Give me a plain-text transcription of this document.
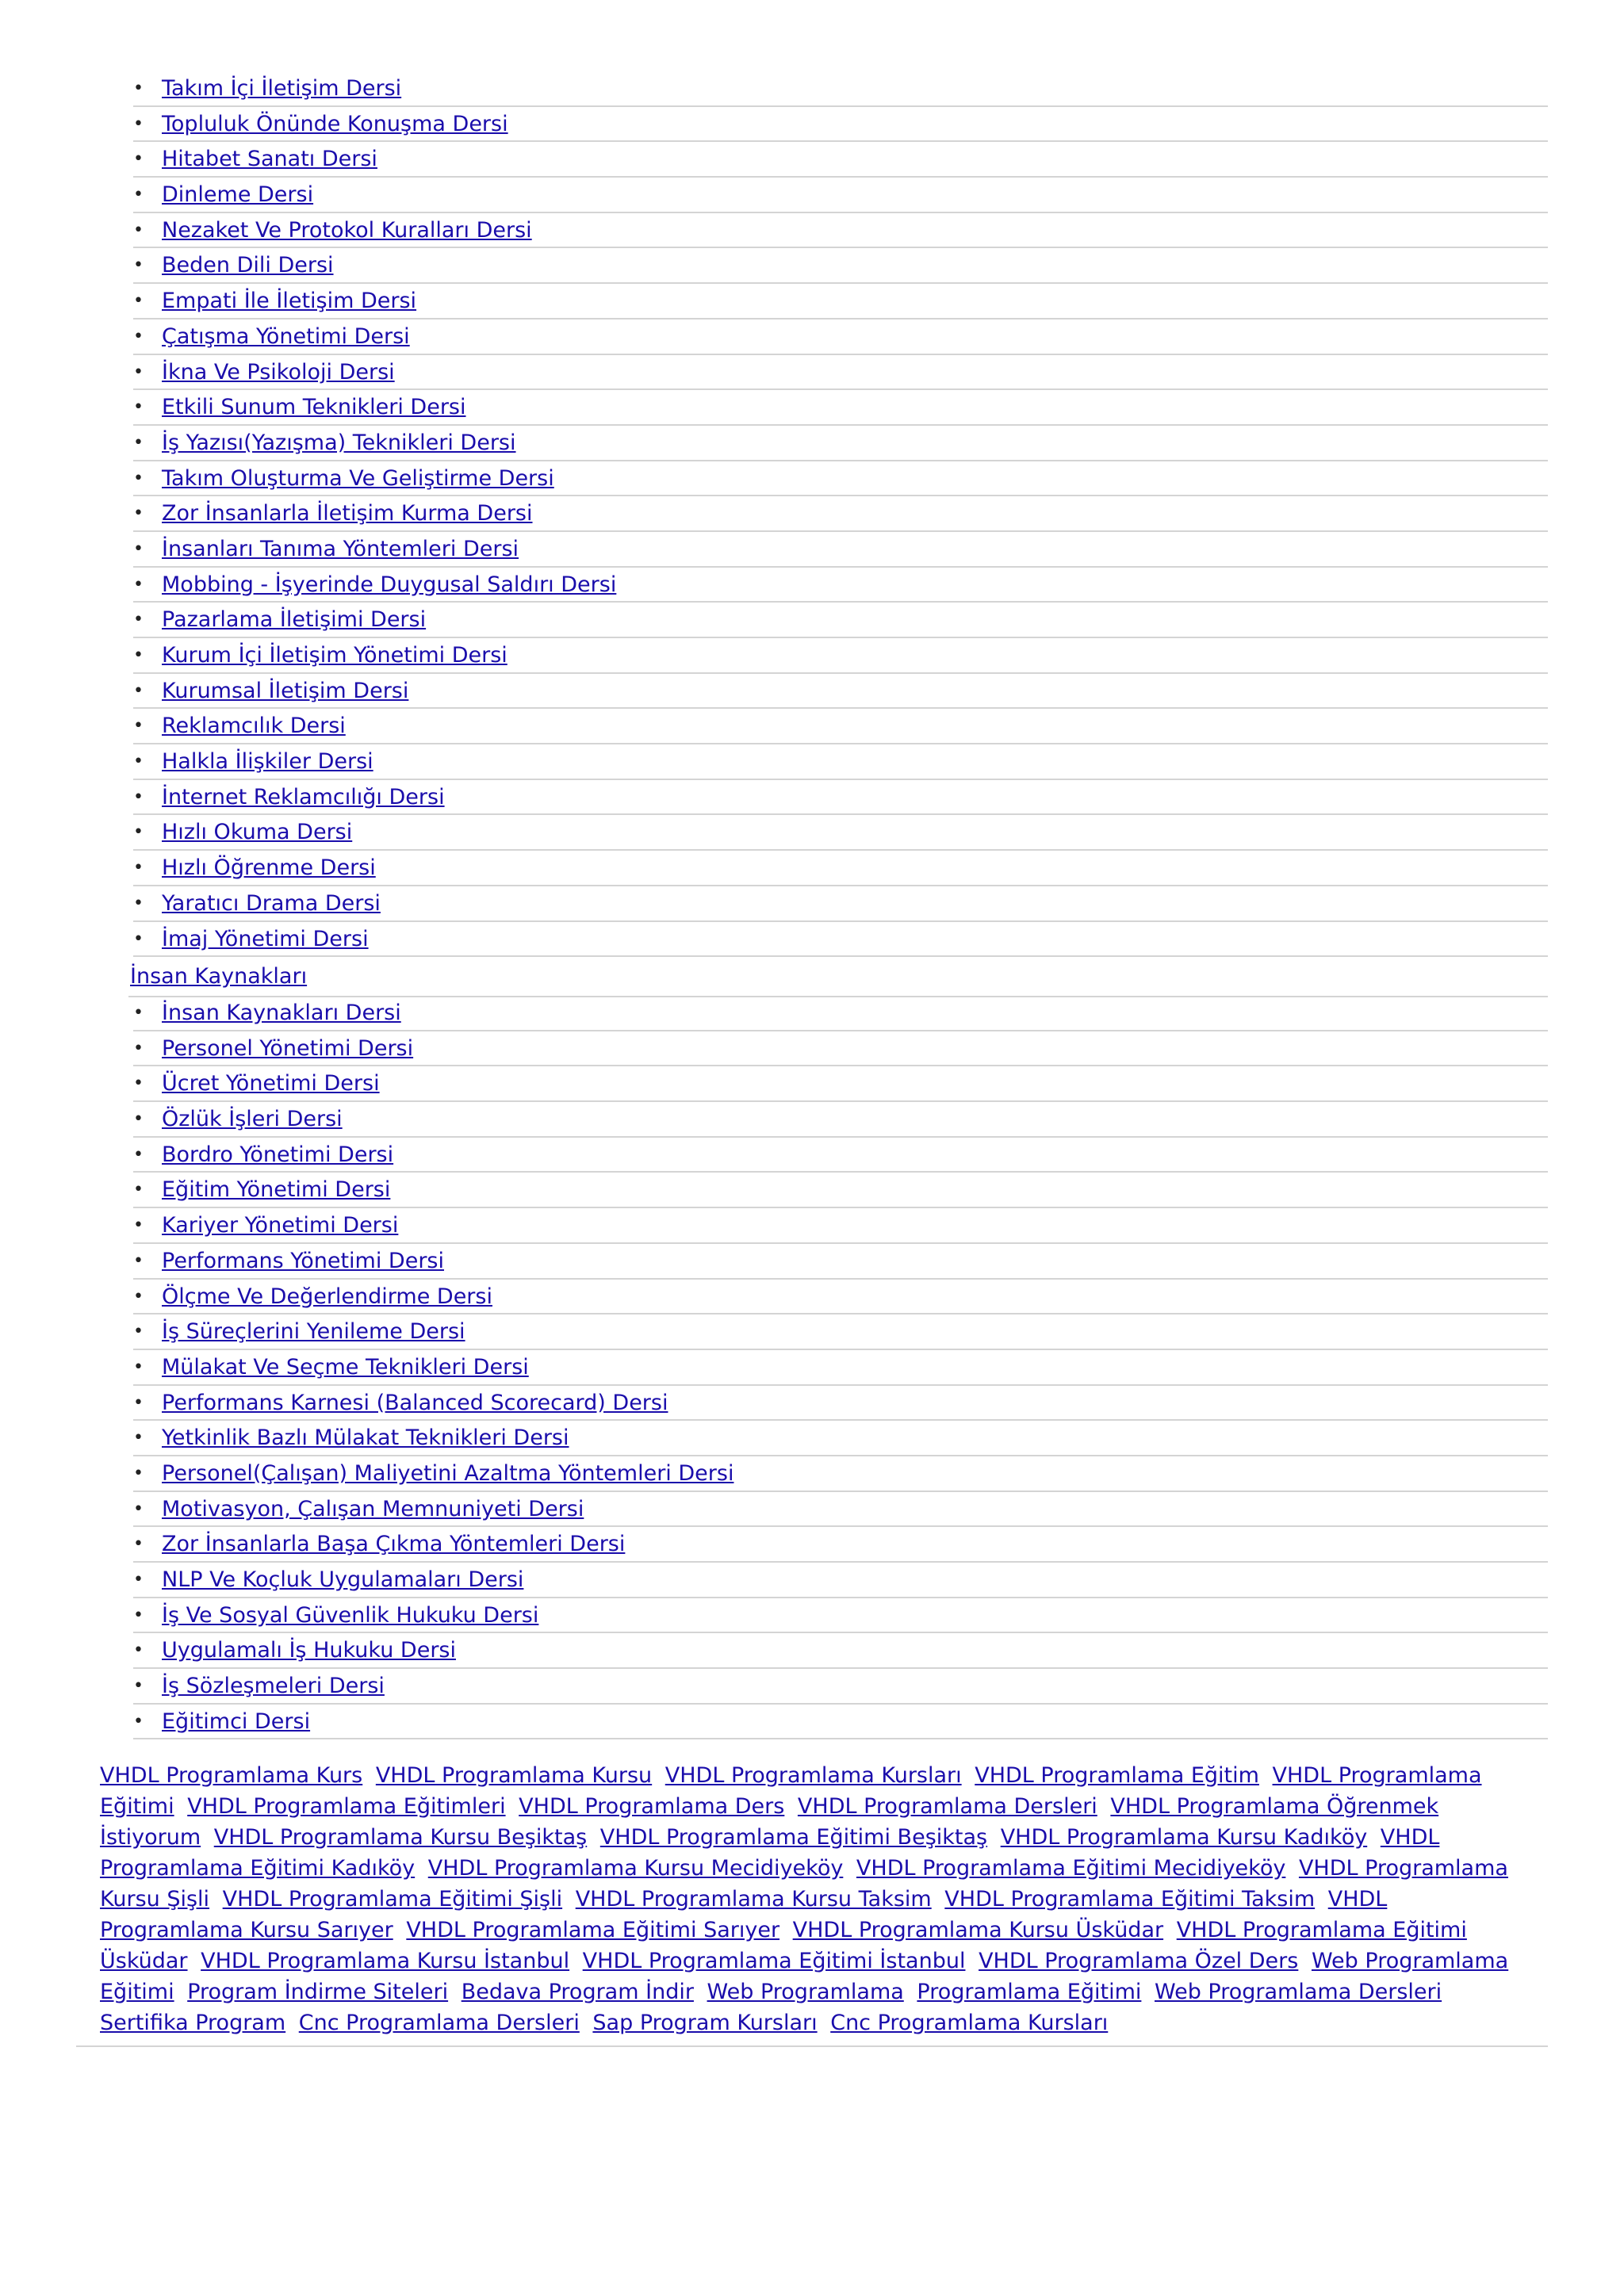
• Takım İçi İletişim Dersi
• Topluluk Önünde Konuşma Dersi
• Hitabet Sanatı Dersi
• Dinleme Dersi
• Nezaket Ve Protokol Kuralları Dersi
• Beden Dili Dersi
• Empati İle İletişim Dersi
• Çatışma Yönetimi Dersi
• İkna Ve Psikoloji Dersi
• Etkili Sunum Teknikleri Dersi
• İş Yazısı(Yazışma) Teknikleri Dersi
• Takım Oluşturma Ve Geliştirme Dersi
• Zor İnsanlarla İletişim Kurma Dersi
• İnsanları Tanıma Yöntemleri Dersi
• Mobbing - İşyerinde Duygusal Saldırı Dersi
• Pazarlama İletişimi Dersi
• Kurum İçi İletişim Yönetimi Dersi
• Kurumsal İletişim Dersi
• Reklamcılık Dersi
• Halkla İlişkiler Dersi
• İnternet Reklamcılığı Dersi
• Hızlı Okuma Dersi
• Hızlı Öğrenme Dersi
• Yaratıcı Drama Dersi
• İmaj Yönetimi Dersi
İnsan Kaynakları
• İnsan Kaynakları Dersi
• Personel Yönetimi Dersi
• Ücret Yönetimi Dersi
• Özlük İşleri Dersi
• Bordro Yönetimi Dersi
• Eğitim Yönetimi Dersi
• Kariyer Yönetimi Dersi
• Performans Yönetimi Dersi
• Ölçme Ve Değerlendirme Dersi
• İş Süreçlerini Yenileme Dersi
• Mülakat Ve Seçme Teknikleri Dersi
• Performans Karnesi (Balanced Scorecard) Dersi
• Yetkinlik Bazlı Mülakat Teknikleri Dersi
• Personel(Çalışan) Maliyetini Azaltma Yöntemleri Dersi
• Motivasyon, Çalışan Memnuniyeti Dersi
• Zor İnsanlarla Başa Çıkma Yöntemleri Dersi
• NLP Ve Koçluk Uygulamaları Dersi
• İş Ve Sosyal Güvenlik Hukuku Dersi
• Uygulamalı İş Hukuku Dersi
• İş Sözleşmeleri Dersi
• Eğitimci Dersi
VHDL Programlama Kurs VHDL Programlama Kursu VHDL Programlama Kursları VHDL Programlama Eğitim VHDL Programlama Eğitimi VHDL Programlama Eğitimleri VHDL Programlama Ders VHDL Programlama Dersleri VHDL Programlama Öğrenmek İstiyorum VHDL Programlama Kursu Beşiktaş VHDL Programlama Eğitimi Beşiktaş VHDL Programlama Kursu Kadıköy VHDL Programlama Eğitimi Kadıköy VHDL Programlama Kursu Mecidiyeköy VHDL Programlama Eğitimi Mecidiyeköy VHDL Programlama Kursu Şişli VHDL Programlama Eğitimi Şişli VHDL Programlama Kursu Taksim VHDL Programlama Eğitimi Taksim VHDL Programlama Kursu Sarıyer VHDL Programlama Eğitimi Sarıyer VHDL Programlama Kursu Üsküdar VHDL Programlama Eğitimi Üsküdar VHDL Programlama Kursu İstanbul VHDL Programlama Eğitimi İstanbul VHDL Programlama Özel Ders Web Programlama Eğitimi Program İndirme Siteleri Bedava Program İndir Web Programlama Programlama Eğitimi Web Programlama Dersleri Sertifika Program Cnc Programlama Dersleri Sap Program Kursları Cnc Programlama Kursları
